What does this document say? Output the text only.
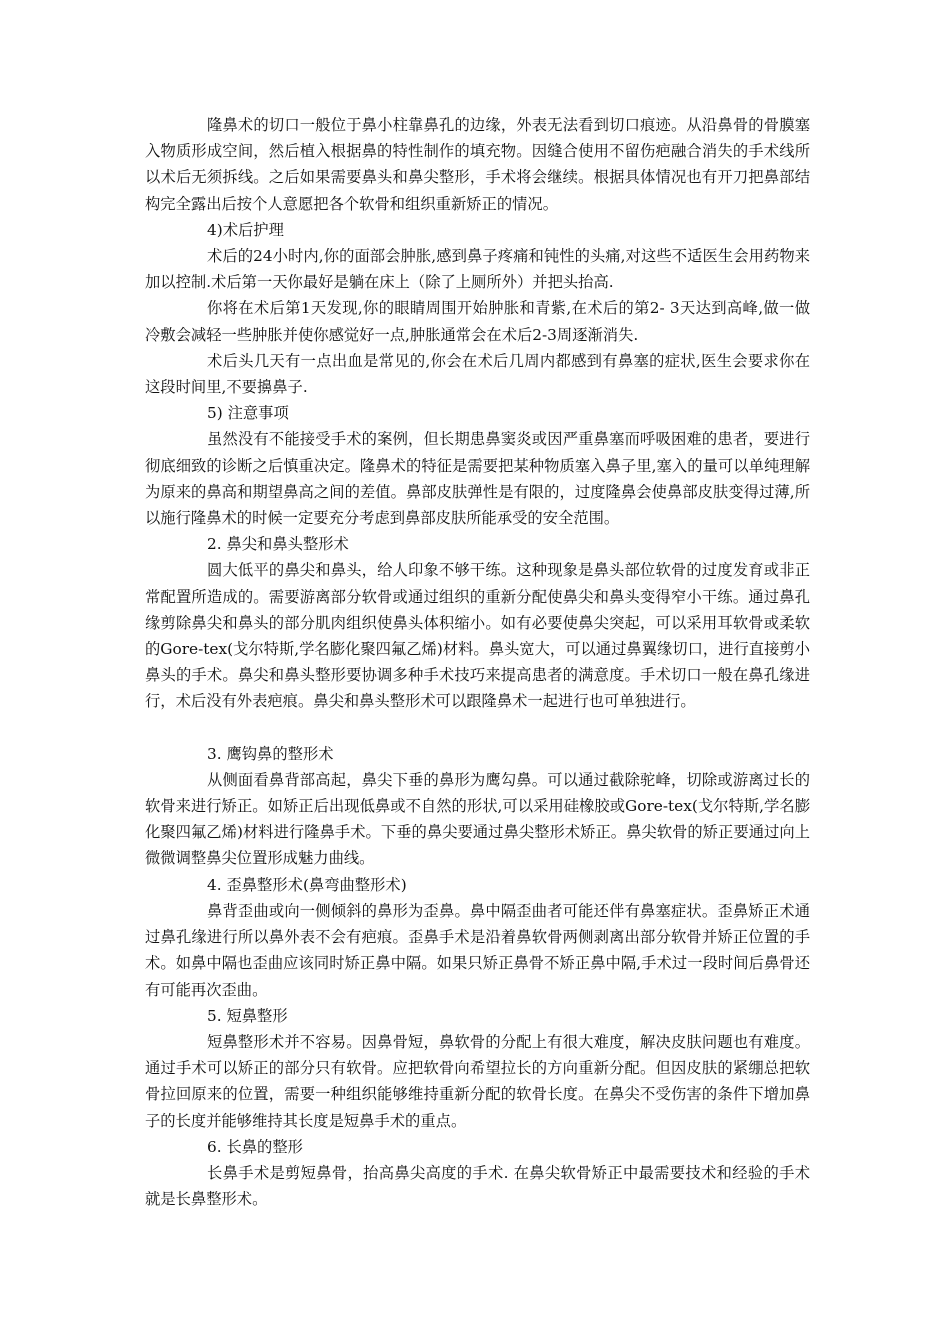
隆鼻术的切口一般位于鼻小柱靠鼻孔的边缘，外表无法看到切口痕迹。从沿鼻骨的骨膜塞入物质形成空间，然后植入根据鼻的特性制作的填充物。因缝合使用不留伤疤融合消失的手术线所以术后无须拆线。之后如果需要鼻头和鼻尖整形，手术将会继续。根据具体情况也有开刀把鼻部结构完全露出后按个人意愿把各个软骨和组织重新矫正的情况。

4)术后护理

术后的24小时内,你的面部会肿胀,感到鼻子疼痛和钝性的头痛,对这些不适医生会用药物来加以控制.术后第一天你最好是躺在床上（除了上厕所外）并把头抬高.

你将在术后第1天发现,你的眼睛周围开始肿胀和青紫,在术后的第2- 3天达到高峰,做一做冷敷会减轻一些肿胀并使你感觉好一点,肿胀通常会在术后2-3周逐渐消失.

术后头几天有一点出血是常见的,你会在术后几周内都感到有鼻塞的症状,医生会要求你在这段时间里,不要擤鼻子.

5) 注意事项

虽然没有不能接受手术的案例，但长期患鼻窦炎或因严重鼻塞而呼吸困难的患者，要进行彻底细致的诊断之后慎重决定。隆鼻术的特征是需要把某种物质塞入鼻子里,塞入的量可以单纯理解为原来的鼻高和期望鼻高之间的差值。鼻部皮肤弹性是有限的，过度隆鼻会使鼻部皮肤变得过薄,所以施行隆鼻术的时候一定要充分考虑到鼻部皮肤所能承受的安全范围。

2. 鼻尖和鼻头整形术

圆大低平的鼻尖和鼻头，给人印象不够干练。这种现象是鼻头部位软骨的过度发育或非正常配置所造成的。需要游离部分软骨或通过组织的重新分配使鼻尖和鼻头变得窄小干练。通过鼻孔缘剪除鼻尖和鼻头的部分肌肉组织使鼻头体积缩小。如有必要使鼻尖突起，可以采用耳软骨或柔软的Gore-tex(戈尔特斯,学名膨化聚四氟乙烯)材料。鼻头宽大，可以通过鼻翼缘切口，进行直接剪小鼻头的手术。鼻尖和鼻头整形要协调多种手术技巧来提高患者的满意度。手术切口一般在鼻孔缘进行，术后没有外表疤痕。鼻尖和鼻头整形术可以跟隆鼻术一起进行也可单独进行。

3. 鹰钩鼻的整形术

从侧面看鼻背部高起，鼻尖下垂的鼻形为鹰勾鼻。可以通过截除驼峰，切除或游离过长的软骨来进行矫正。如矫正后出现低鼻或不自然的形状,可以采用硅橡胶或Gore-tex(戈尔特斯,学名膨化聚四氟乙烯)材料进行隆鼻手术。下垂的鼻尖要通过鼻尖整形术矫正。鼻尖软骨的矫正要通过向上微微调整鼻尖位置形成魅力曲线。

4. 歪鼻整形术(鼻弯曲整形术)

鼻背歪曲或向一侧倾斜的鼻形为歪鼻。鼻中隔歪曲者可能还伴有鼻塞症状。歪鼻矫正术通过鼻孔缘进行所以鼻外表不会有疤痕。歪鼻手术是沿着鼻软骨两侧剥离出部分软骨并矫正位置的手术。如鼻中隔也歪曲应该同时矫正鼻中隔。如果只矫正鼻骨不矫正鼻中隔,手术过一段时间后鼻骨还有可能再次歪曲。

5. 短鼻整形

短鼻整形术并不容易。因鼻骨短，鼻软骨的分配上有很大难度，解决皮肤问题也有难度。通过手术可以矫正的部分只有软骨。应把软骨向希望拉长的方向重新分配。但因皮肤的紧绷总把软骨拉回原来的位置，需要一种组织能够维持重新分配的软骨长度。在鼻尖不受伤害的条件下增加鼻子的长度并能够维持其长度是短鼻手术的重点。

6. 长鼻的整形

长鼻手术是剪短鼻骨，抬高鼻尖高度的手术. 在鼻尖软骨矫正中最需要技术和经验的手术就是长鼻整形术。
